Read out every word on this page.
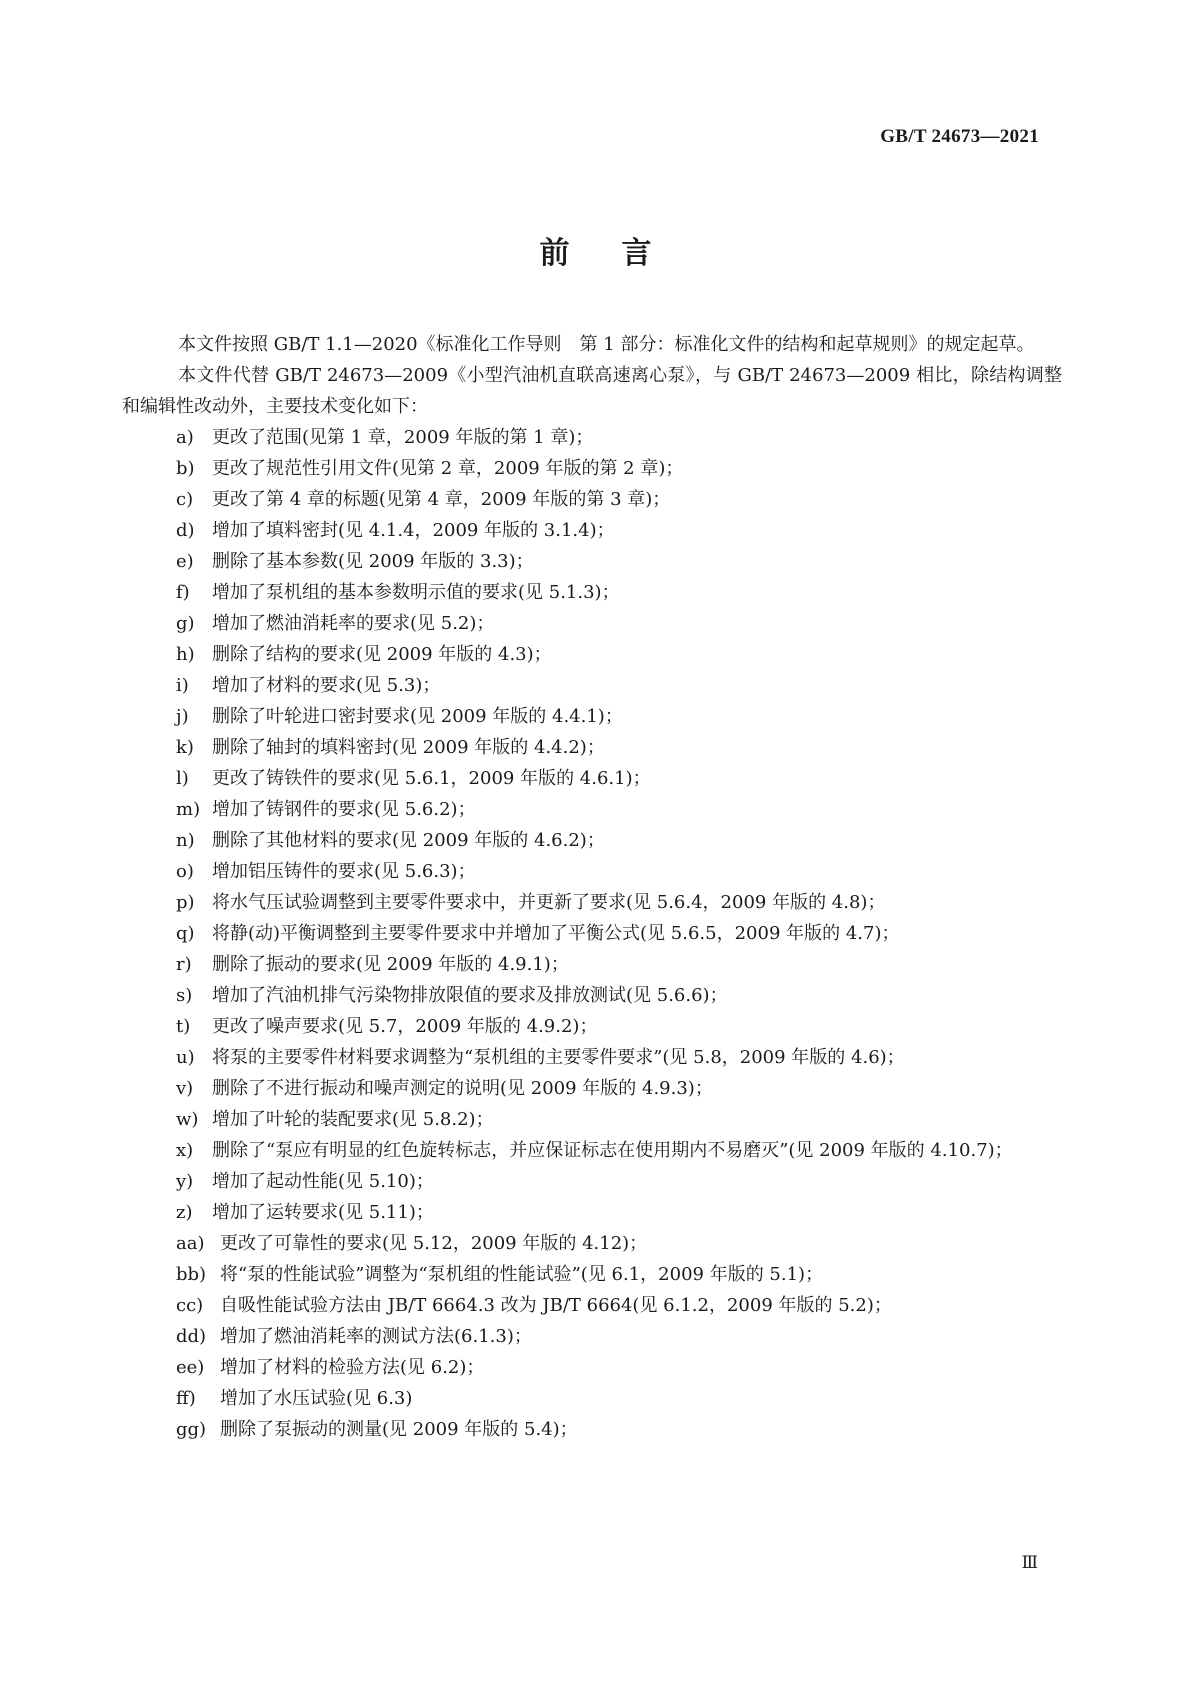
GB/T 24673—2021
前言

本文件按照 GB/T 1.1—2020《标准化工作导则　第 1 部分：标准化文件的结构和起草规则》的规定起草。

本文件代替 GB/T 24673—2009《小型汽油机直联高速离心泵》，与 GB/T 24673—2009 相比，除结构调整和编辑性改动外，主要技术变化如下：

a) 更改了范围(见第 1 章，2009 年版的第 1 章)；
b) 更改了规范性引用文件(见第 2 章，2009 年版的第 2 章)；
c) 更改了第 4 章的标题(见第 4 章，2009 年版的第 3 章)；
d) 增加了填料密封(见 4.1.4，2009 年版的 3.1.4)；
e) 删除了基本参数(见 2009 年版的 3.3)；
f) 增加了泵机组的基本参数明示值的要求(见 5.1.3)；
g) 增加了燃油消耗率的要求(见 5.2)；
h) 删除了结构的要求(见 2009 年版的 4.3)；
i) 增加了材料的要求(见 5.3)；
j) 删除了叶轮进口密封要求(见 2009 年版的 4.4.1)；
k) 删除了轴封的填料密封(见 2009 年版的 4.4.2)；
l) 更改了铸铁件的要求(见 5.6.1，2009 年版的 4.6.1)；
m) 增加了铸钢件的要求(见 5.6.2)；
n) 删除了其他材料的要求(见 2009 年版的 4.6.2)；
o) 增加铝压铸件的要求(见 5.6.3)；
p) 将水气压试验调整到主要零件要求中，并更新了要求(见 5.6.4，2009 年版的 4.8)；
q) 将静(动)平衡调整到主要零件要求中并增加了平衡公式(见 5.6.5，2009 年版的 4.7)；
r) 删除了振动的要求(见 2009 年版的 4.9.1)；
s) 增加了汽油机排气污染物排放限值的要求及排放测试(见 5.6.6)；
t) 更改了噪声要求(见 5.7，2009 年版的 4.9.2)；
u) 将泵的主要零件材料要求调整为“泵机组的主要零件要求”(见 5.8，2009 年版的 4.6)；
v) 删除了不进行振动和噪声测定的说明(见 2009 年版的 4.9.3)；
w) 增加了叶轮的装配要求(见 5.8.2)；
x) 删除了“泵应有明显的红色旋转标志，并应保证标志在使用期内不易磨灭”(见 2009 年版的 4.10.7)；
y) 增加了起动性能(见 5.10)；
z) 增加了运转要求(见 5.11)；
aa) 更改了可靠性的要求(见 5.12，2009 年版的 4.12)；
bb) 将“泵的性能试验”调整为“泵机组的性能试验”(见 6.1，2009 年版的 5.1)；
cc) 自吸性能试验方法由 JB/T 6664.3 改为 JB/T 6664(见 6.1.2，2009 年版的 5.2)；
dd) 增加了燃油消耗率的测试方法(6.1.3)；
ee) 增加了材料的检验方法(见 6.2)；
ff) 增加了水压试验(见 6.3)
gg) 删除了泵振动的测量(见 2009 年版的 5.4)；
Ⅲ
